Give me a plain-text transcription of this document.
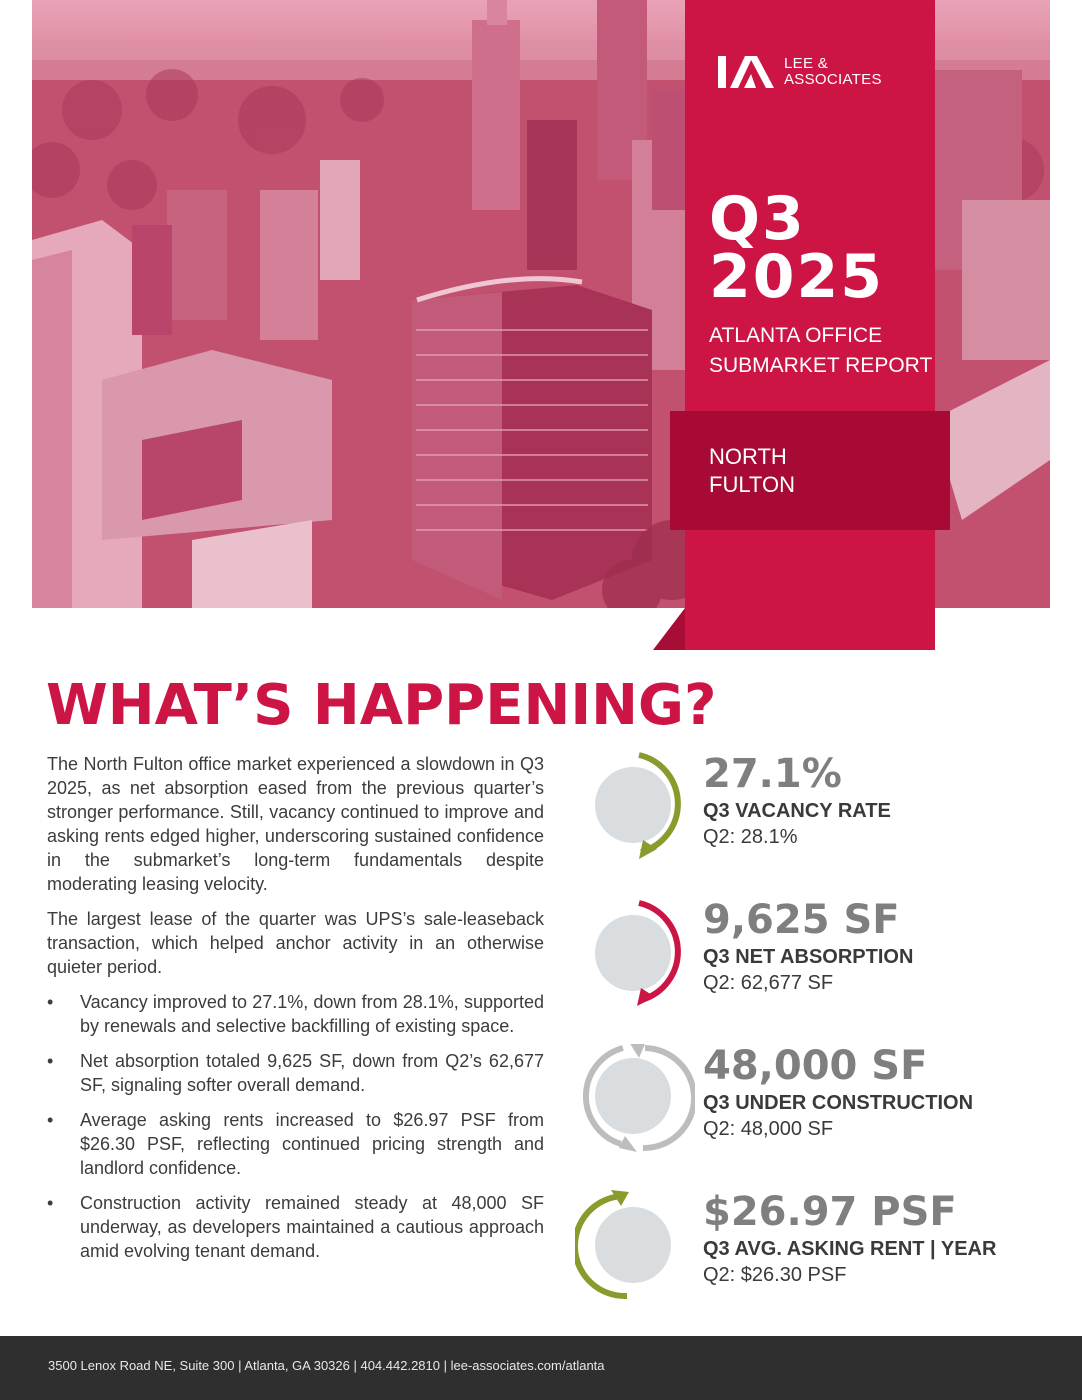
LEE &
ASSOCIATES
Q3
2025
ATLANTA OFFICE
SUBMARKET REPORT
NORTH
FULTON
WHAT’S HAPPENING?

The North Fulton office market experienced a slowdown in Q3 2025, as net absorption eased from the previous quarter’s stronger performance. Still, vacancy continued to improve and asking rents edged higher, underscoring sustained confidence in the submarket’s long-term fundamentals despite moderating leasing velocity.

The largest lease of the quarter was UPS’s sale-leaseback transaction, which helped anchor activity in an otherwise quieter period.

• Vacancy improved to 27.1%, down from 28.1%, supported by renewals and selective backfilling of existing space.
• Net absorption totaled 9,625 SF, down from Q2’s 62,677 SF, signaling softer overall demand.
• Average asking rents increased to $26.97 PSF from $26.30 PSF, reflecting continued pricing strength and landlord confidence.
• Construction activity remained steady at 48,000 SF underway, as developers maintained a cautious approach amid evolving tenant demand.
27.1%
Q3 VACANCY RATE
Q2: 28.1%
9,625 SF
Q3 NET ABSORPTION
Q2: 62,677 SF
48,000 SF
Q3 UNDER CONSTRUCTION
Q2: 48,000 SF
$26.97 PSF
Q3 AVG. ASKING RENT | YEAR
Q2: $26.30 PSF
3500 Lenox Road NE, Suite 300 | Atlanta, GA 30326 | 404.442.2810 | lee-associates.com/atlanta
